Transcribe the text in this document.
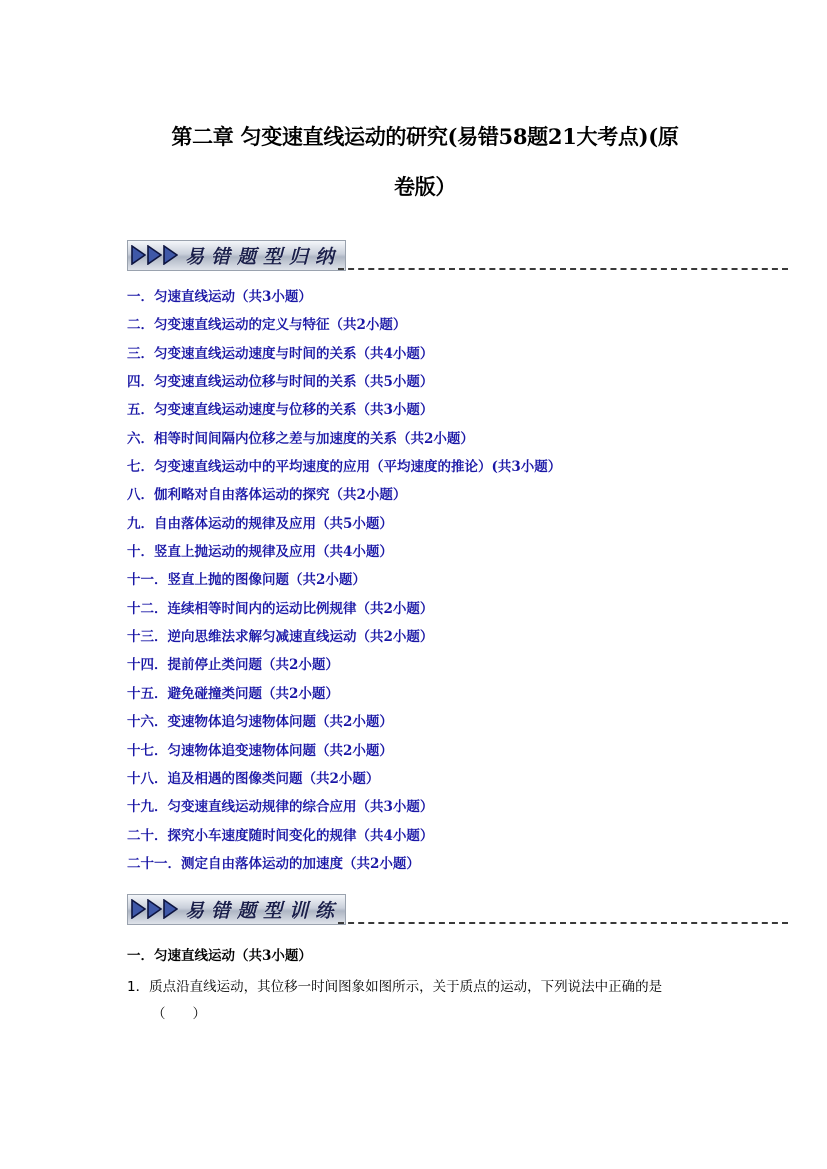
第二章 匀变速直线运动的研究(易错58题21大考点)(原
卷版）
易错题型归纳
一．匀速直线运动（共3小题）
二．匀变速直线运动的定义与特征（共2小题）
三．匀变速直线运动速度与时间的关系（共4小题）
四．匀变速直线运动位移与时间的关系（共5小题）
五．匀变速直线运动速度与位移的关系（共3小题）
六．相等时间间隔内位移之差与加速度的关系（共2小题）
七．匀变速直线运动中的平均速度的应用（平均速度的推论）(共3小题）
八．伽利略对自由落体运动的探究（共2小题）
九．自由落体运动的规律及应用（共5小题）
十．竖直上抛运动的规律及应用（共4小题）
十一．竖直上抛的图像问题（共2小题）
十二．连续相等时间内的运动比例规律（共2小题）
十三．逆向思维法求解匀减速直线运动（共2小题）
十四．提前停止类问题（共2小题）
十五．避免碰撞类问题（共2小题）
十六．变速物体追匀速物体问题（共2小题）
十七．匀速物体追变速物体问题（共2小题）
十八．追及相遇的图像类问题（共2小题）
十九．匀变速直线运动规律的综合应用（共3小题）
二十．探究小车速度随时间变化的规律（共4小题）
二十一．测定自由落体运动的加速度（共2小题）
易错题型训练
一．匀速直线运动（共3小题）
1．质点沿直线运动，其位移一时间图象如图所示，关于质点的运动，下列说法中正确的是
（　　）
